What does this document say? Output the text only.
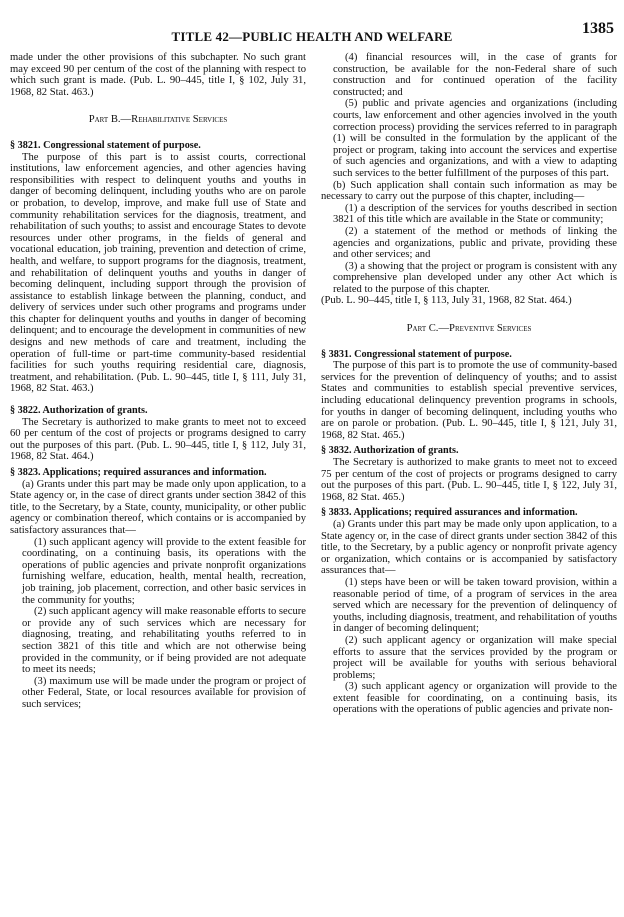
TITLE 42—PUBLIC HEALTH AND WELFARE	1385

made under the other provisions of this subchapter. No such grant may exceed 90 per centum of the cost of the planning with respect to which such grant is made. (Pub. L. 90–445, title I, § 102, July 31, 1968, 82 Stat. 463.)

Part B.—Rehabilitative Services

§ 3821. Congressional statement of purpose.

The purpose of this part is to assist courts, correctional institutions, law enforcement agencies, and other agencies having responsibilities with respect to delinquent youths and youths in danger of becoming delinquent, including youths who are on parole or probation, to develop, improve, and make full use of State and community rehabilitation services for the diagnosis, treatment, and rehabilitation of such youths; to assist and encourage States to devote resources under other programs, in the fields of general and vocational education, job training, prevention and detection of crime, health, and welfare, to support programs for the diagnosis, treatment, and rehabilitation of delinquent youths and youths in danger of becoming delinquent, including support through the provision of assistance to establish linkage between the planning, conduct, and delivery of services under such other programs and programs under this chapter for delinquent youths and youths in danger of becoming delinquent; and to encourage the development in communities of new designs and new methods of care and treatment, including the operation of full-time or part-time community-based residential facilities for such youths requiring residential care, diagnosis, treatment, and rehabilitation. (Pub. L. 90–445, title I, § 111, July 31, 1968, 82 Stat. 463.)

§ 3822. Authorization of grants.

The Secretary is authorized to make grants to meet not to exceed 60 per centum of the cost of projects or programs designed to carry out the purposes of this part. (Pub. L. 90–445, title I, § 112, July 31, 1968, 82 Stat. 464.)

§ 3823. Applications; required assurances and information.

(a) Grants under this part may be made only upon application, to a State agency or, in the case of direct grants under section 3842 of this title, to the Secretary, by a State, county, municipality, or other public agency or combination thereof, which contains or is accompanied by satisfactory assurances that—

(1) such applicant agency will provide to the extent feasible for coordinating, on a continuing basis, its operations with the operations of public agencies and private nonprofit organizations furnishing welfare, education, health, mental health, recreation, job training, job placement, correction, and other basic services in the community for youths;

(2) such applicant agency will make reasonable efforts to secure or provide any of such services which are necessary for diagnosing, treating, and rehabilitating youths referred to in section 3821 of this title and which are not otherwise being provided in the community, or if being provided are not adequate to meet its needs;

(3) maximum use will be made under the program or project of other Federal, State, or local resources available for provision of such services;

(4) financial resources will, in the case of grants for construction, be available for the non-Federal share of such construction and for continued operation of the facility constructed; and

(5) public and private agencies and organizations (including courts, law enforcement and other agencies involved in the youth correction process) providing the services referred to in paragraph (1) will be consulted in the formulation by the applicant of the project or program, taking into account the services and expertise of such agencies and organizations, and with a view to adapting such services to the better fulfillment of the purposes of this part.

(b) Such application shall contain such information as may be necessary to carry out the purpose of this chapter, including—

(1) a description of the services for youths described in section 3821 of this title which are available in the State or community;

(2) a statement of the method or methods of linking the agencies and organizations, public and private, providing these and other services; and

(3) a showing that the project or program is consistent with any comprehensive plan developed under any other Act which is related to the purpose of this chapter.

(Pub. L. 90–445, title I, § 113, July 31, 1968, 82 Stat. 464.)

Part C.—Preventive Services

§ 3831. Congressional statement of purpose.

The purpose of this part is to promote the use of community-based services for the prevention of delinquency of youths; and to assist States and communities to establish special preventive services, including educational delinquency prevention programs in schools, for youths in danger of becoming delinquent, including youths who are on parole or probation. (Pub. L. 90–445, title I, § 121, July 31, 1968, 82 Stat. 465.)

§ 3832. Authorization of grants.

The Secretary is authorized to make grants to meet not to exceed 75 per centum of the cost of projects or programs designed to carry out the purposes of this part. (Pub. L. 90–445, title I, § 122, July 31, 1968, 82 Stat. 465.)

§ 3833. Applications; required assurances and information.

(a) Grants under this part may be made only upon application, to a State agency or, in the case of direct grants under section 3842 of this title, to the Secretary, by a public agency or nonprofit private agency or organization, which contains or is accompanied by satisfactory assurances that—

(1) steps have been or will be taken toward provision, within a reasonable period of time, of a program of services in the area served which are necessary for the prevention of delinquency of youths, including diagnosis, treatment, and rehabilitation of youths in danger of becoming delinquent;

(2) such applicant agency or organization will make special efforts to assure that the services provided by the program or project will be available for youths with serious behavioral problems;

(3) such applicant agency or organization will provide to the extent feasible for coordinating, on a continuing basis, its operations with the operations of public agencies and private non-
